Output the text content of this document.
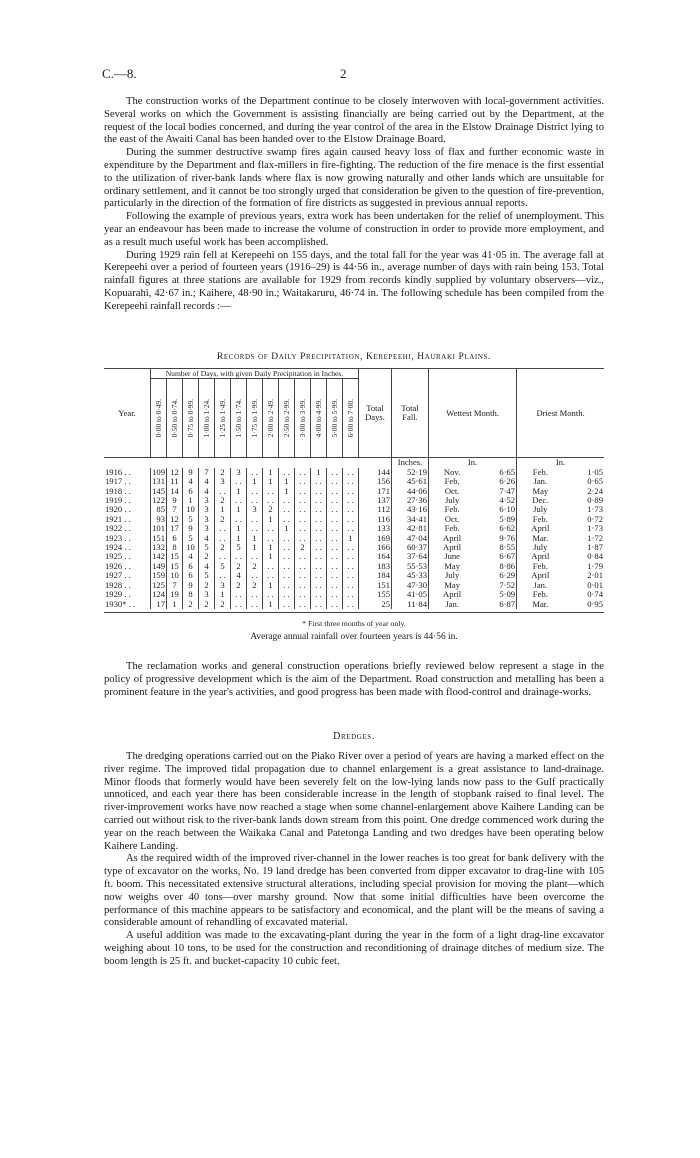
C.—8.	2

The construction works of the Department continue to be closely interwoven with local-government activities. Several works on which the Government is assisting financially are being carried out by the Department, at the request of the local bodies concerned, and during the year control of the area in the Elstow Drainage District lying to the east of the Awaiti Canal has been handed over to the Elstow Drainage Board.

During the summer destructive swamp fires again caused heavy loss of flax and further economic waste in expenditure by the Department and flax-millers in fire-fighting. The reduction of the fire menace is the first essential to the utilization of river-bank lands where flax is now growing naturally and other lands which are unsuitable for ordinary settlement, and it cannot be too strongly urged that consideration be given to the question of fire-prevention, particularly in the direction of the formation of fire districts as suggested in previous annual reports.

Following the example of previous years, extra work has been undertaken for the relief of unemployment. This year an endeavour has been made to increase the volume of construction in order to provide more employment, and as a result much useful work has been accomplished.

During 1929 rain fell at Kerepeehi on 155 days, and the total fall for the year was 41·05 in. The average fall at Kerepeehi over a period of fourteen years (1916–29) is 44·56 in., average number of days with rain being 153. Total rainfall figures at three stations are available for 1929 from records kindly supplied by voluntary observers—viz., Kopuarahi, 42·67 in.; Kaihere, 48·90 in.; Waitakaruru, 46·74 in. The following schedule has been compiled from the Kerepeehi rainfall records :—

Records of Daily Precipitation, Kerepeehi, Hauraki Plains.
Year.	Number of Days, with given Daily Precipitation in Inches.													Total Days.	Total Fall.	Wettest Month.		Driest Month.	

	0·00 to 0·49.	0·50 to 0·74.	0·75 to 0·99.	1·00 to 1·24.	1·25 to 1·49.	1·50 to 1·74.	1·75 to 1·99.	2·00 to 2·49.	2·50 to 2·99.	3·00 to 3·99.	4·00 to 4·99.	5·00 to 5·99.	6·00 to 7·00.						

															Inches.	In.		In.	
1916 . .	109	12	9	7	2	3	. .	1	. .	. .	1	. .	. .	144	52·19	Nov.	6·65	Feb.	1·05
1917 . .	131	11	4	4	3	. .	1	1	1	. .	. .	. .	. .	156	45·61	Feb.	6·26	Jan.	0·65
1918 . .	145	14	6	4	. .	1	. .	. .	1	. .	. .	. .	. .	171	44·06	Oct.	7·47	May	2·24
1919 . .	122	9	1	3	2	. .	. .	. .	. .	. .	. .	. .	. .	137	27·36	July	4·52	Dec.	0·89
1920 . .	85	7	10	3	1	1	3	2	. .	. .	. .	. .	. .	112	43·16	Feb.	6·10	July	1·73
1921 . .	93	12	5	3	2	. .	. .	1	. .	. .	. .	. .	. .	116	34·41	Oct.	5·89	Feb.	0·72
1922 . .	101	17	9	3	. .	1	. .	. .	1	. .	. .	. .	. .	133	42·81	Feb.	6·62	April	1·73
1923 . .	151	6	5	4	. .	1	1	. .	. .	. .	. .	. .	1	169	47·04	April	9·76	Mar.	1·72
1924 . .	132	8	10	5	2	5	1	1	. .	2	. .	. .	. .	166	60·37	April	8·55	July	1·87
1925 . .	142	15	4	2	. .	. .	. .	1	. .	. .	. .	. .	. .	164	37·64	June	6·67	April	0·84
1926 . .	149	15	6	4	5	2	2	. .	. .	. .	. .	. .	. .	183	55·53	May	8·86	Feb.	1·79
1927 . .	159	10	6	5	. .	4	. .	. .	. .	. .	. .	. .	. .	184	45·33	July	6·29	April	2·01
1928 . .	125	7	9	2	3	2	2	1	. .	. .	. .	. .	. .	151	47·30	May	7·52	Jan.	0·01
1929 . .	124	19	8	3	1	. .	. .	. .	. .	. .	. .	. .	. .	155	41·05	April	5·09	Feb.	0·74
1930* . .	17	1	2	2	2	. .	. .	1	. .	. .	. .	. .	. .	25	11·84	Jan.	6·87	Mar.	0·95

* First three months of year only.
Average annual rainfall over fourteen years is 44·56 in.

The reclamation works and general construction operations briefly reviewed below represent a stage in the policy of progressive development which is the aim of the Department. Road construction and metalling has been a prominent feature in the year's activities, and good progress has been made with flood-control and drainage-works.

Dredges.

The dredging operations carried out on the Piako River over a period of years are having a marked effect on the river regime. The improved tidal propagation due to channel enlargement is a great assistance to land-drainage. Minor floods that formerly would have been severely felt on the low-lying lands now pass to the Gulf practically unnoticed, and each year there has been considerable increase in the length of stopbank raised to final level. The river-improvement works have now reached a stage when some channel-enlargement above Kaihere Landing can be carried out without risk to the river-bank lands down stream from this point. One dredge commenced work during the year on the reach between the Waikaka Canal and Patetonga Landing and two dredges have been operating below Kaihere Landing.

As the required width of the improved river-channel in the lower reaches is too great for bank delivery with the type of excavator on the works, No. 19 land dredge has been converted from dipper excavator to drag-line with 105 ft. boom. This necessitated extensive structural alterations, including special provision for moving the plant—which now weighs over 40 tons—over marshy ground. Now that some initial difficulties have been overcome the performance of this machine appears to be satisfactory and economical, and the plant will be the means of saving a considerable amount of rehandling of excavated material.

A useful addition was made to the excavating-plant during the year in the form of a light drag-line excavator weighing about 10 tons, to be used for the construction and reconditioning of drainage ditches of medium size. The boom length is 25 ft. and bucket-capacity 10 cubic feet.
